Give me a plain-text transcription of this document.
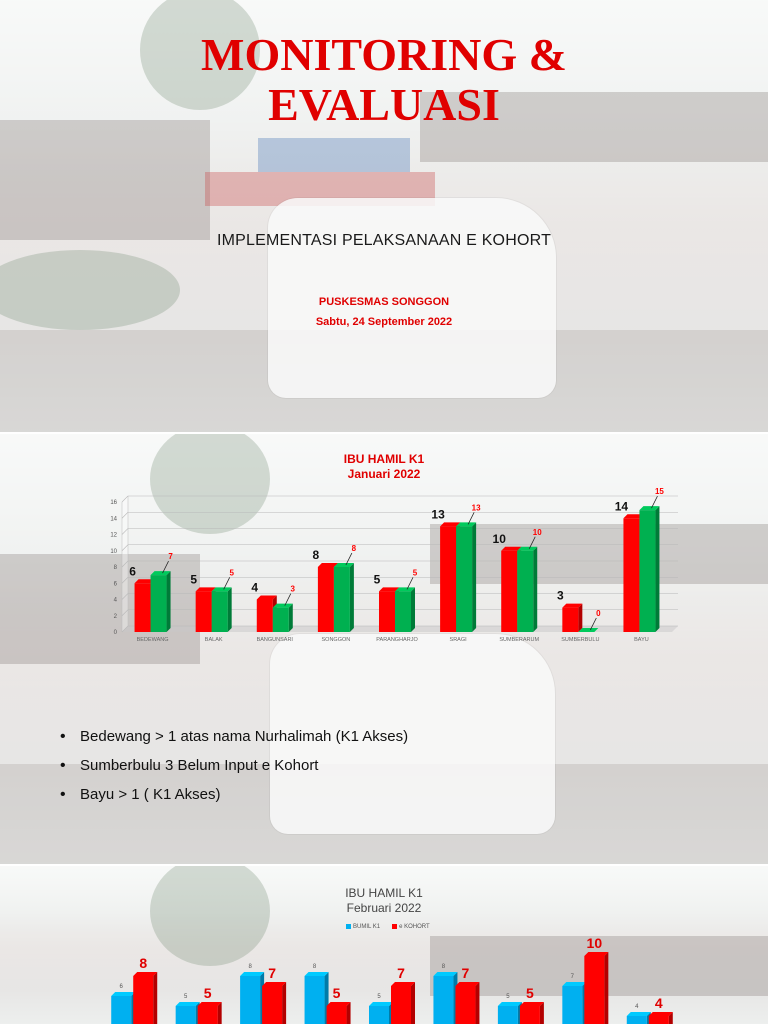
MONITORING &
EVALUASI
IMPLEMENTASI PELAKSANAAN E KOHORT
PUSKESMAS SONGGON
Sabtu, 24 September 2022
IBU HAMIL K1
Januari 2022
0
2
4
6
8
10
12
14
16
6
7
BEDEWANG
5	5
BALAK
4	3
BANGUNSARI
8	8
SONGGON
5	5
PARANGHARJO
13	13
SRAGI
10	10
SUMBERARUM
3
0
SUMBERBULU
14
15
BAYU
• Bedewang > 1 atas nama Nurhalimah (K1 Akses)
• Sumberbulu 3 Belum Input e Kohort
• Bayu > 1 ( K1 Akses)
IBU HAMIL K1
Februari 2022
BUMIL K1	e KOHORT
6
8
5 5
8 7	8
5	5
7	8 7
5 5
7
10
4 4
